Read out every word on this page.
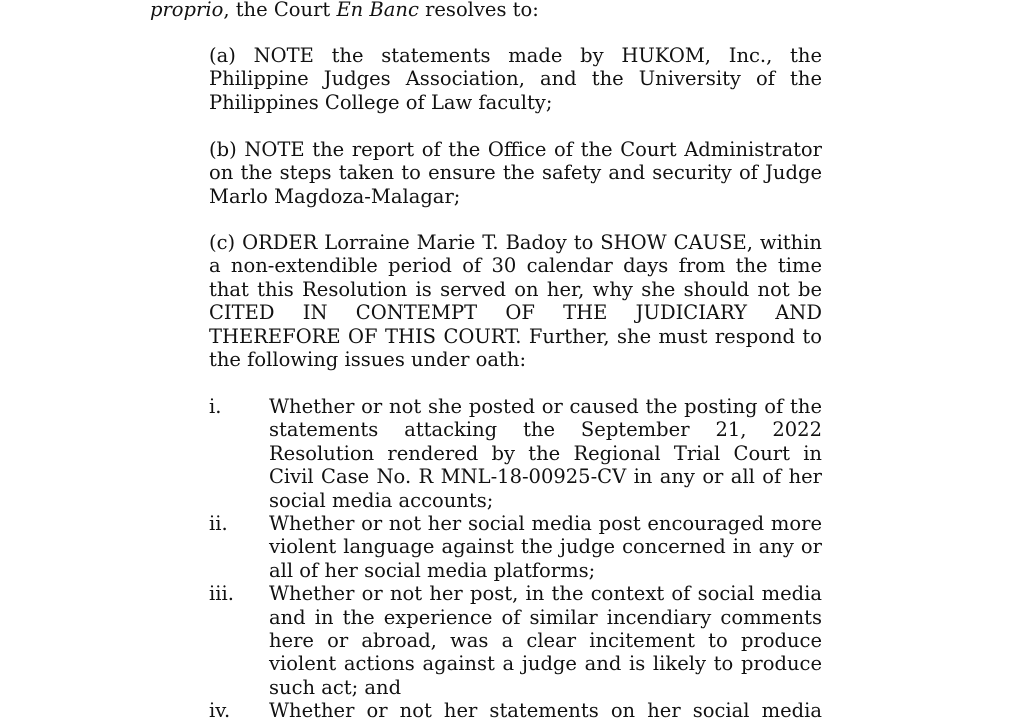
proprio, the Court En Banc resolves to:

(a) NOTE the statements made by HUKOM, Inc., the Philippine Judges Association, and the University of the Philippines College of Law faculty;

(b) NOTE the report of the Office of the Court Administrator on the steps taken to ensure the safety and security of Judge Marlo Magdoza-Malagar;

(c) ORDER Lorraine Marie T. Badoy to SHOW CAUSE, within a non-extendible period of 30 calendar days from the time that this Resolution is served on her, why she should not be CITED IN CONTEMPT OF THE JUDICIARY AND THEREFORE OF THIS COURT. Further, she must respond to the following issues under oath:

i.	Whether or not she posted or caused the posting of the statements attacking the September 21, 2022 Resolution rendered by the Regional Trial Court in Civil Case No. R MNL-18-00925-CV in any or all of her social media accounts;
ii.	Whether or not her social media post encouraged more violent language against the judge concerned in any or all of her social media platforms;
iii.	Whether or not her post, in the context of social media and in the experience of similar incendiary comments here or abroad, was a clear incitement to produce violent actions against a judge and is likely to produce such act; and
iv.	Whether or not her statements on her social media
